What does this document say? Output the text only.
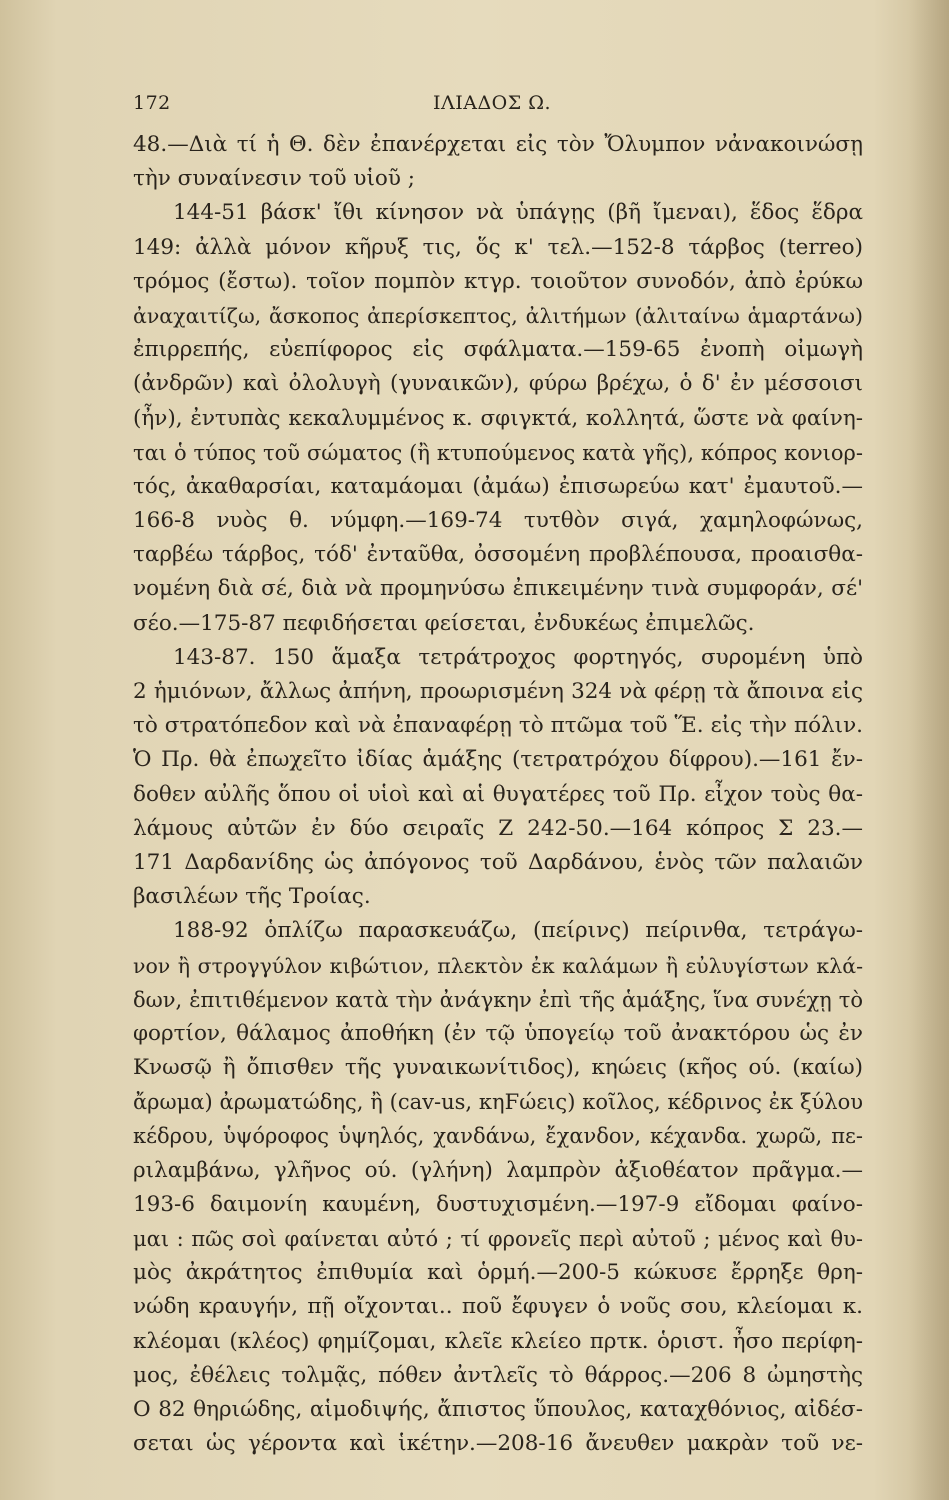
172	ΙΛΙΑΔΟΣ Ω.
48.—Διὰ τί ἡ Θ. δὲν ἐπανέρχεται εἰς τὸν Ὄλυμπον νἀνακοινώσῃ
τὴν συναίνεσιν τοῦ υἱοῦ ;
144-51 βάσκ' ἴθι κίνησον νὰ ὑπάγῃς (βῆ ἴμεναι), ἕδος ἕδρα
149: ἀλλὰ μόνον κῆρυξ τις, ὅς κ' τελ.—152-8 τάρβος (terreo)
τρόμος (ἔστω). τοῖον πομπὸν κτγρ. τοιοῦτον συνοδόν, ἀπὸ ἐρύκω
ἀναχαιτίζω, ἄσκοπος ἀπερίσκεπτος, ἀλιτήμων (ἀλιταίνω ἁμαρτάνω)
ἐπιρρεπής, εὐεπίφορος εἰς σφάλματα.—159-65 ἐνοπὴ οἰμωγὴ
(ἀνδρῶν) καὶ ὀλολυγὴ (γυναικῶν), φύρω βρέχω, ὁ δ' ἐν μέσσοισι
(ἦν), ἐντυπὰς κεκαλυμμένος κ. σφιγκτά, κολλητά, ὥστε νὰ φαίνη-
ται ὁ τύπος τοῦ σώματος (ἢ κτυπούμενος κατὰ γῆς), κόπρος κονιορ-
τός, ἀκαθαρσίαι, καταμάομαι (ἀμάω) ἐπισωρεύω κατ' ἐμαυτοῦ.—
166-8 νυὸς θ. νύμφη.—169-74 τυτθὸν σιγά, χαμηλοφώνως,
ταρβέω τάρβος, τόδ' ἐνταῦθα, ὀσσομένη προβλέπουσα, προαισθα-
νομένη διὰ σέ, διὰ νὰ προμηνύσω ἐπικειμένην τινὰ συμφοράν, σέ'
σέο.—175-87 πεφιδήσεται φείσεται, ἐνδυκέως ἐπιμελῶς.
143-87. 150 ἅμαξα τετράτροχος φορτηγός, συρομένη ὑπὸ
2 ἡμιόνων, ἄλλως ἀπήνη, προωρισμένη 324 νὰ φέρῃ τὰ ἄποινα εἰς
τὸ στρατόπεδον καὶ νὰ ἐπαναφέρῃ τὸ πτῶμα τοῦ Ἕ. εἰς τὴν πόλιν.
Ὁ Πρ. θὰ ἐπωχεῖτο ἰδίας ἁμάξης (τετρατρόχου δίφρου).—161 ἔν-
δοθεν αὐλῆς ὅπου οἱ υἱοὶ καὶ αἱ θυγατέρες τοῦ Πρ. εἶχον τοὺς θα-
λάμους αὐτῶν ἐν δύο σειραῖς Ζ 242-50.—164 κόπρος Σ 23.—
171 Δαρδανίδης ὡς ἀπόγονος τοῦ Δαρδάνου, ἑνὸς τῶν παλαιῶν
βασιλέων τῆς Τροίας.
188-92 ὁπλίζω παρασκευάζω, (πείρινς) πείρινθα, τετράγω-
νον ἢ στρογγύλον κιβώτιον, πλεκτὸν ἐκ καλάμων ἢ εὐλυγίστων κλά-
δων, ἐπιτιθέμενον κατὰ τὴν ἀνάγκην ἐπὶ τῆς ἁμάξης, ἵνα συνέχῃ τὸ
φορτίον, θάλαμος ἀποθήκη (ἐν τῷ ὑπογείῳ τοῦ ἀνακτόρου ὡς ἐν
Κνωσῷ ἢ ὄπισθεν τῆς γυναικωνίτιδος), κηώεις (κῆος ού. (καίω)
ἄρωμα) ἀρωματώδης, ἢ (cav-us, κηϜώεις) κοῖλος, κέδρινος ἐκ ξύλου
κέδρου, ὑψόροφος ὑψηλός, χανδάνω, ἔχανδον, κέχανδα. χωρῶ, πε-
ριλαμβάνω, γλῆνος ού. (γλήνη) λαμπρὸν ἀξιοθέατον πρᾶγμα.—
193-6 δαιμονίη καυμένη, δυστυχισμένη.—197-9 εἴδομαι φαίνο-
μαι : πῶς σοὶ φαίνεται αὐτό ; τί φρονεῖς περὶ αὐτοῦ ; μένος καὶ θυ-
μὸς ἀκράτητος ἐπιθυμία καὶ ὁρμή.—200-5 κώκυσε ἔρρηξε θρη-
νώδη κραυγήν, πῇ οἴχονται.. ποῦ ἔφυγεν ὁ νοῦς σου, κλείομαι κ.
κλέομαι (κλέος) φημίζομαι, κλεῖε κλείεο πρτκ. ὁριστ. ἦσο περίφη-
μος, ἐθέλεις τολμᾷς, πόθεν ἀντλεῖς τὸ θάρρος.—206 8 ὠμηστὴς
Ο 82 θηριώδης, αἱμοδιψής, ἄπιστος ὕπουλος, καταχθόνιος, αἰδέσ-
σεται ὡς γέροντα καὶ ἱκέτην.—208-16 ἄνευθεν μακρὰν τοῦ νε-
